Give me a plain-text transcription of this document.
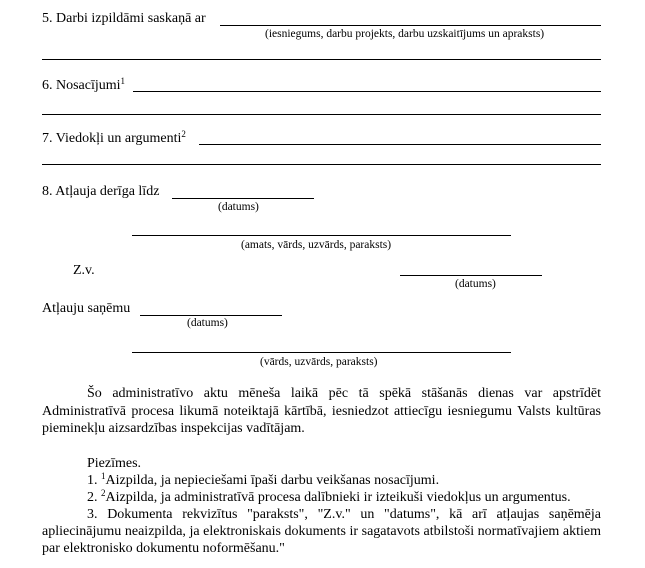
5. Darbi izpildāmi saskaņā ar
(iesniegums, darbu projekts, darbu uzskaitījums un apraksts)
6. Nosacījumi$^1$
7. Viedokļi un argumenti$^2$
8. Atļauja derīga līdz
(datums)
(amats, vārds, uzvārds, paraksts)
Z.v.
(datums)
Atļauju saņēmu
(datums)
(vārds, uzvārds, paraksts)
Šo administratīvo aktu mēneša laikā pēc tā spēkā stāšanās dienas var apstrīdēt Administratīvā procesa likumā noteiktajā kārtībā, iesniedzot attiecīgu iesniegumu Valsts kultūras pieminekļu aizsardzības inspekcijas vadītājam.
Piezīmes.
1. $^1$Aizpilda, ja nepieciešami īpaši darbu veikšanas nosacījumi.
2. $^2$Aizpilda, ja administratīvā procesa dalībnieki ir izteikuši viedokļus un argumentus.
3. Dokumenta rekvizītus "paraksts", "Z.v." un "datums", kā arī atļaujas saņēmēja apliecinājumu neaizpilda, ja elektroniskais dokuments ir sagatavots atbilstoši normatīvajiem aktiem par elektronisko dokumentu noformēšanu."
